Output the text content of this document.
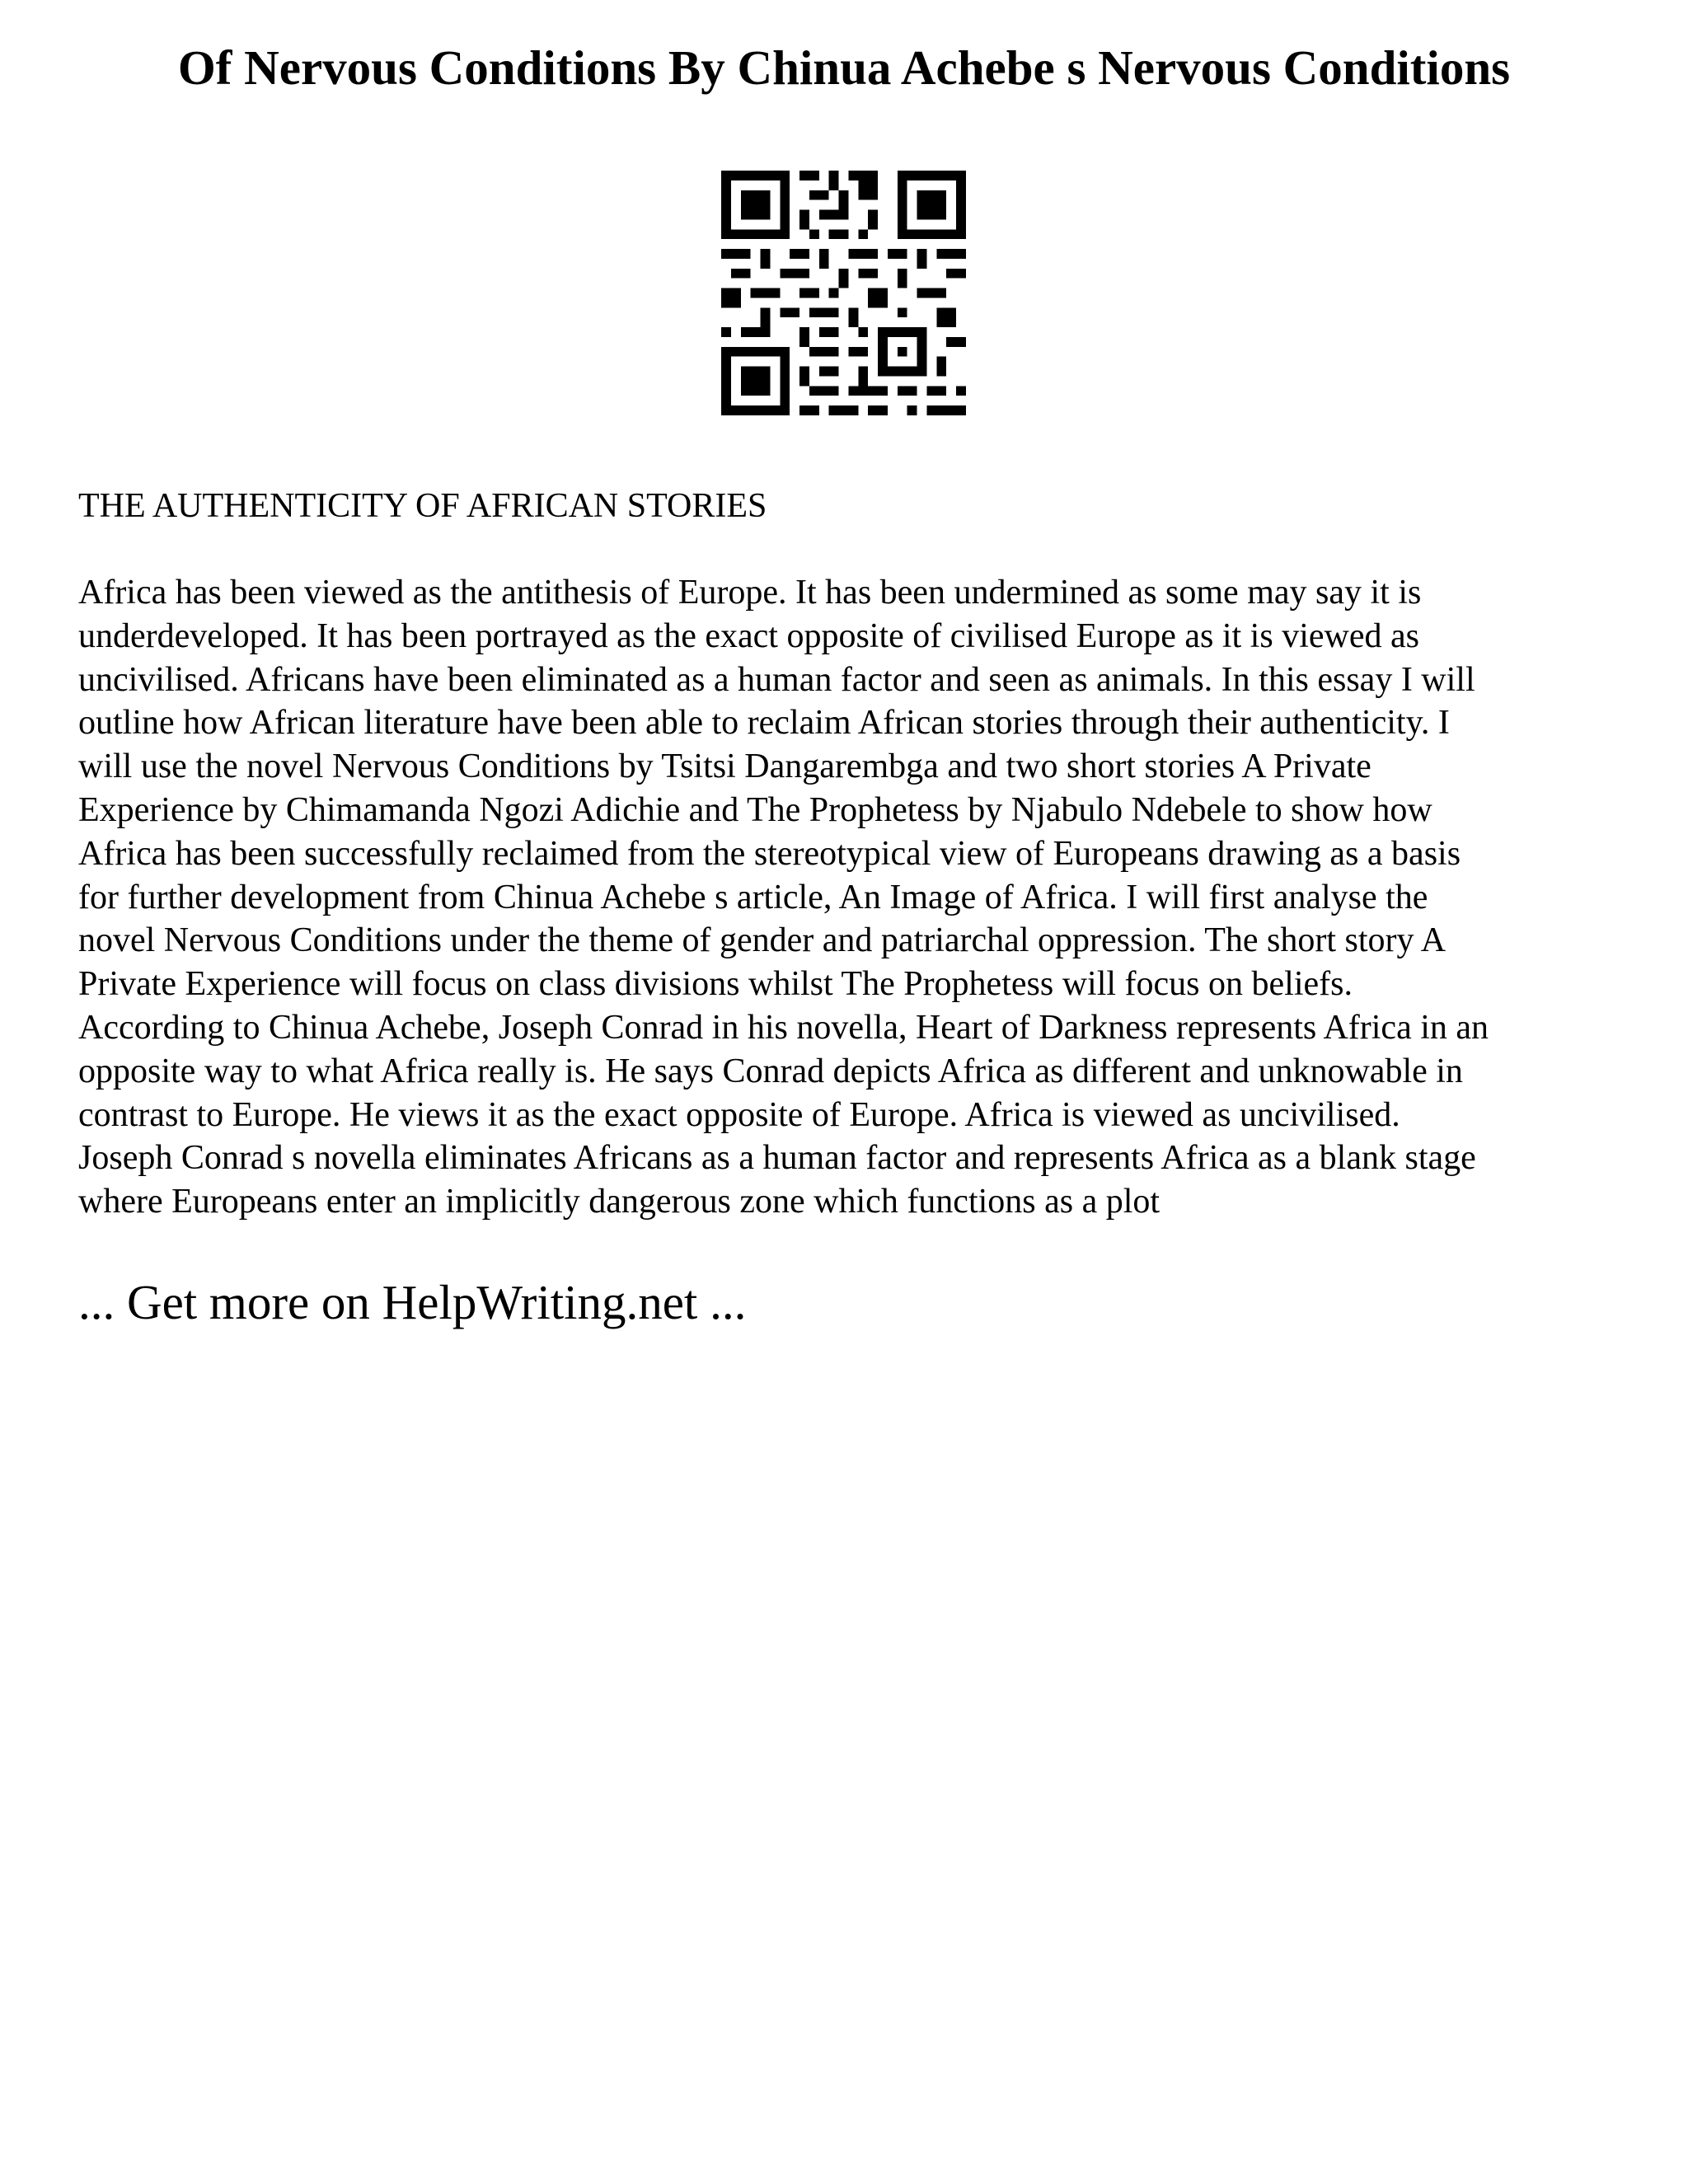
Of Nervous Conditions By Chinua Achebe s Nervous Conditions
THE AUTHENTICITY OF AFRICAN STORIES
Africa has been viewed as the antithesis of Europe. It has been undermined as some may say it is
underdeveloped. It has been portrayed as the exact opposite of civilised Europe as it is viewed as
uncivilised. Africans have been eliminated as a human factor and seen as animals. In this essay I will
outline how African literature have been able to reclaim African stories through their authenticity. I
will use the novel Nervous Conditions by Tsitsi Dangarembga and two short stories A Private
Experience by Chimamanda Ngozi Adichie and The Prophetess by Njabulo Ndebele to show how
Africa has been successfully reclaimed from the stereotypical view of Europeans drawing as a basis
for further development from Chinua Achebe s article, An Image of Africa. I will first analyse the
novel Nervous Conditions under the theme of gender and patriarchal oppression. The short story A
Private Experience will focus on class divisions whilst The Prophetess will focus on beliefs.
According to Chinua Achebe, Joseph Conrad in his novella, Heart of Darkness represents Africa in an
opposite way to what Africa really is. He says Conrad depicts Africa as different and unknowable in
contrast to Europe. He views it as the exact opposite of Europe. Africa is viewed as uncivilised.
Joseph Conrad s novella eliminates Africans as a human factor and represents Africa as a blank stage
where Europeans enter an implicitly dangerous zone which functions as a plot
... Get more on HelpWriting.net ...
